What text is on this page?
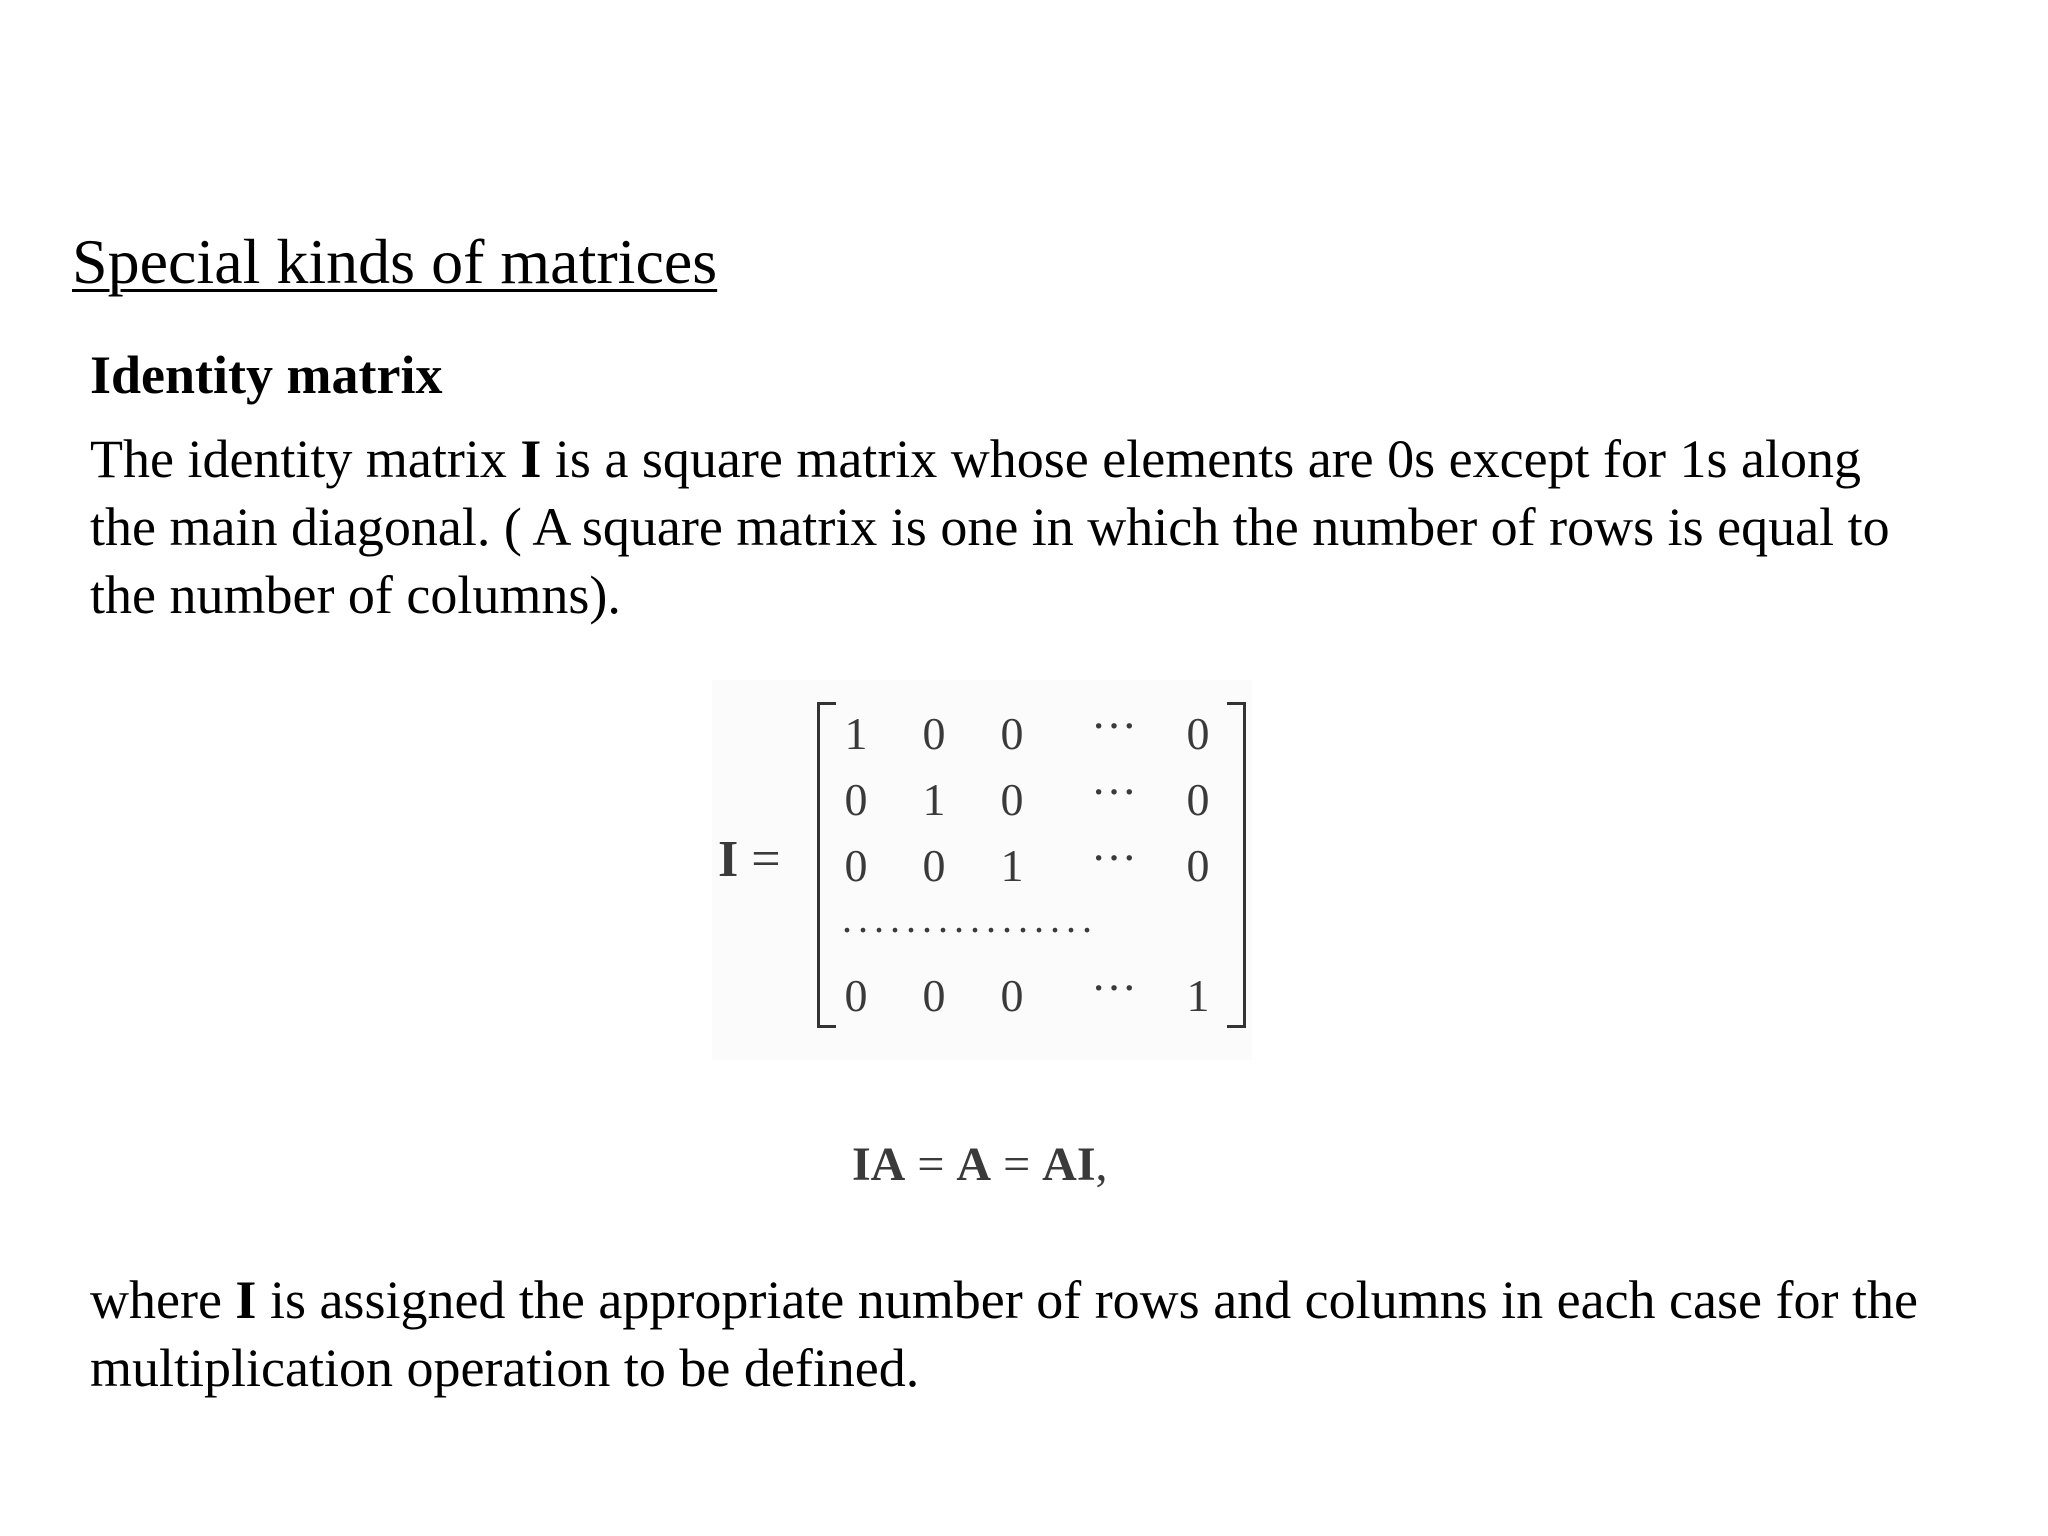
Special kinds of matrices
Identity matrix
The identity matrix I is a square matrix whose elements are 0s except for 1s along
the main diagonal. ( A square matrix is one in which the number of rows is equal to
the number of columns).
I =
1	0	0	···	0
0	1	0	···	0
0	0	1	···	0
................
0	0	0	···	1
IA = A = AI,
where I is assigned the appropriate number of rows and columns in each case for the
multiplication operation to be defined.
